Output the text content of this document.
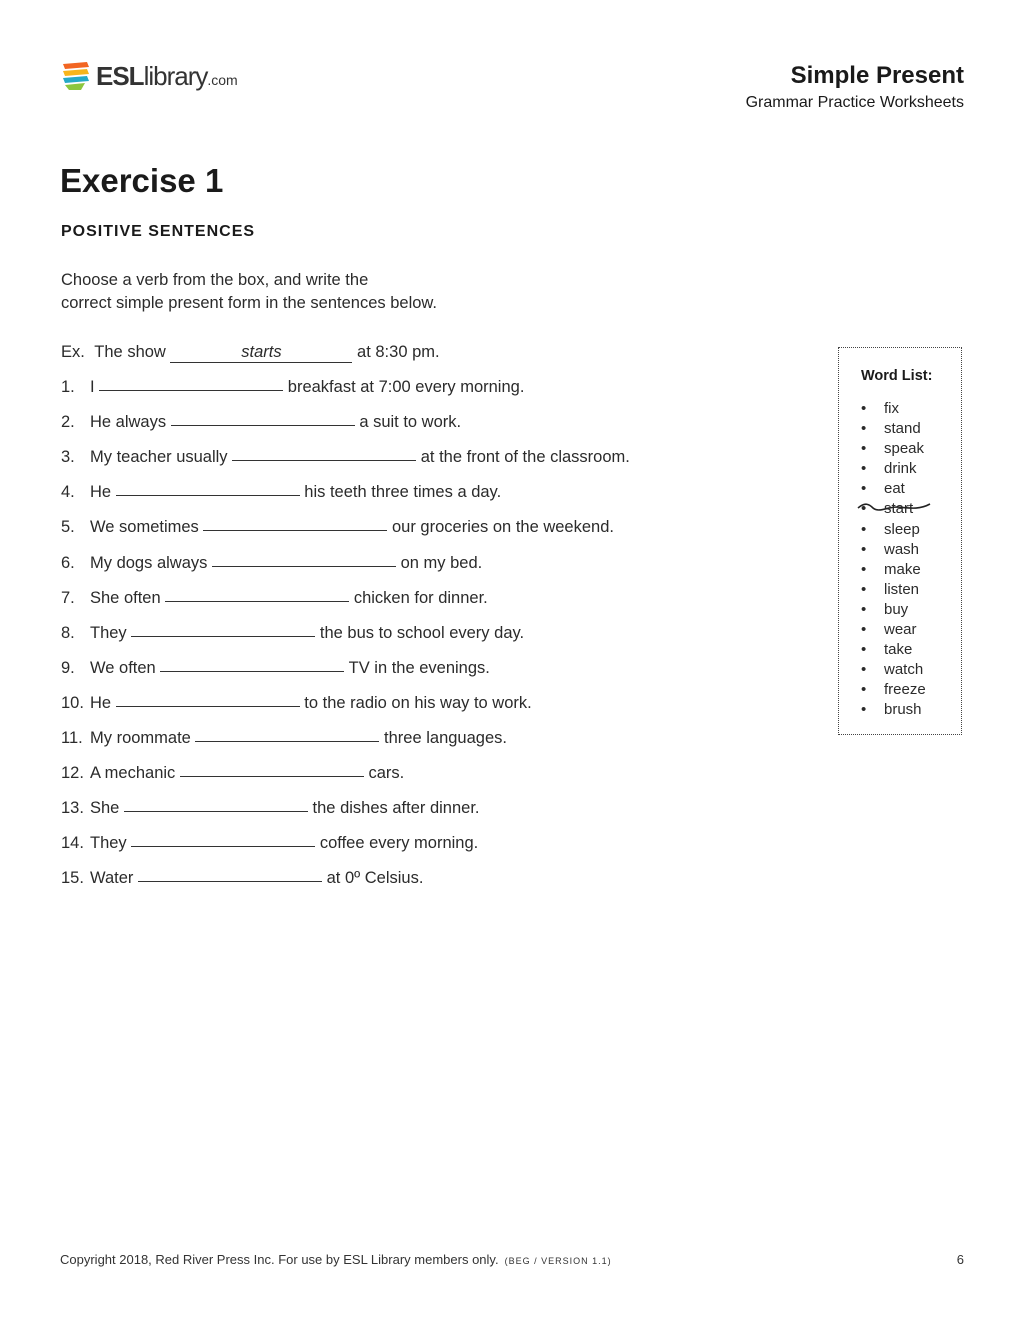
ESLlibrary.com	Simple Present
Grammar Practice Worksheets
Exercise 1
POSITIVE SENTENCES
Choose a verb from the box, and write the
correct simple present form in the sentences below.
Ex. The show	starts	at 8:30 pm.
1. I	breakfast at 7:00 every morning.
2. He always	a suit to work.
3. My teacher usually	at the front of the classroom.
4. He	his teeth three times a day.
5. We sometimes	our groceries on the weekend.
6. My dogs always	on my bed.
7. She often	chicken for dinner.
8. They	the bus to school every day.
9. We often	TV in the evenings.
10. He	to the radio on his way to work.
11. My roommate	three languages.
12. A mechanic	cars.
13. She	the dishes after dinner.
14. They	coffee every morning.
15. Water	at 0º Celsius.
Word List:
• fix
• stand
• speak
• drink
• eat
• start
• sleep
• wash
• make
• listen
• buy
• wear
• take
• watch
• freeze
• brush
Copyright 2018, Red River Press Inc. For use by ESL Library members only. (BEG / VERSION 1.1)	6
